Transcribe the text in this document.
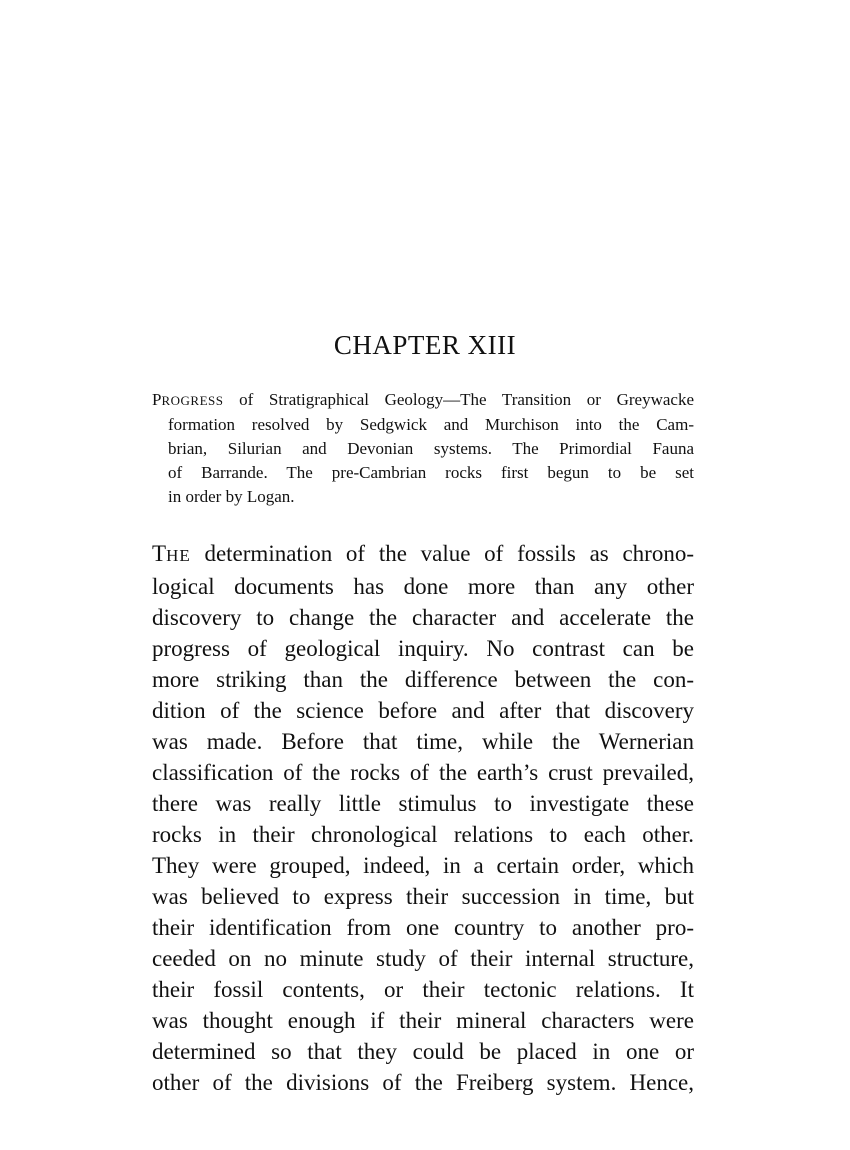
CHAPTER XIII
PROGRESS of Stratigraphical Geology—The Transition or Greywacke
formation resolved by Sedgwick and Murchison into the Cam-
brian, Silurian and Devonian systems. The Primordial Fauna
of Barrande. The pre-Cambrian rocks first begun to be set
in order by Logan.
THE determination of the value of fossils as chrono-
logical documents has done more than any other
discovery to change the character and accelerate the
progress of geological inquiry. No contrast can be
more striking than the difference between the con-
dition of the science before and after that discovery
was made. Before that time, while the Wernerian
classification of the rocks of the earth’s crust prevailed,
there was really little stimulus to investigate these
rocks in their chronological relations to each other.
They were grouped, indeed, in a certain order, which
was believed to express their succession in time, but
their identification from one country to another pro-
ceeded on no minute study of their internal structure,
their fossil contents, or their tectonic relations. It
was thought enough if their mineral characters were
determined so that they could be placed in one or
other of the divisions of the Freiberg system. Hence,
